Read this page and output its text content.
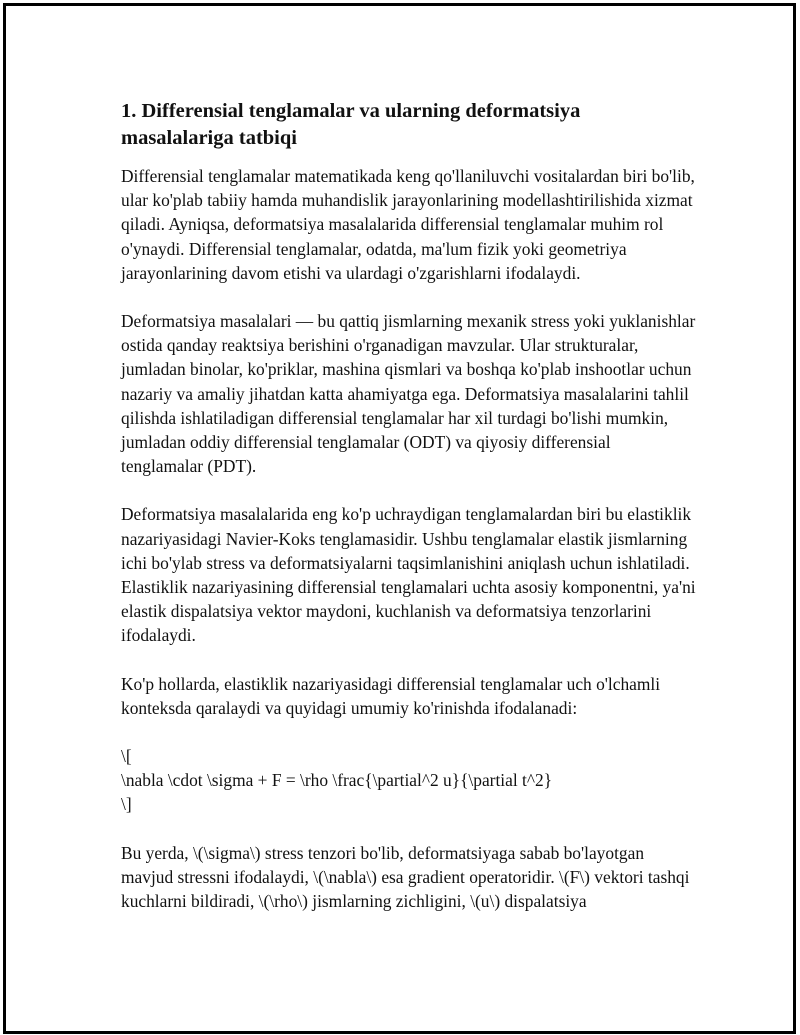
1. Differensial tenglamalar va ularning deformatsiya masalalariga tatbiqi

Differensial tenglamalar matematikada keng qo'llaniluvchi vositalardan biri bo'lib, ular ko'plab tabiiy hamda muhandislik jarayonlarining modellashtirilishida xizmat qiladi. Ayniqsa, deformatsiya masalalarida differensial tenglamalar muhim rol o'ynaydi. Differensial tenglamalar, odatda, ma'lum fizik yoki geometriya jarayonlarining davom etishi va ulardagi o'zgarishlarni ifodalaydi.

Deformatsiya masalalari — bu qattiq jismlarning mexanik stress yoki yuklanishlar ostida qanday reaktsiya berishini o'rganadigan mavzular. Ular strukturalar, jumladan binolar, ko'priklar, mashina qismlari va boshqa ko'plab inshootlar uchun nazariy va amaliy jihatdan katta ahamiyatga ega. Deformatsiya masalalarini tahlil qilishda ishlatiladigan differensial tenglamalar har xil turdagi bo'lishi mumkin, jumladan oddiy differensial tenglamalar (ODT) va qiyosiy differensial tenglamalar (PDT).

Deformatsiya masalalarida eng ko'p uchraydigan tenglamalardan biri bu elastiklik nazariyasidagi Navier-Koks tenglamasidir. Ushbu tenglamalar elastik jismlarning ichi bo'ylab stress va deformatsiyalarni taqsimlanishini aniqlash uchun ishlatiladi. Elastiklik nazariyasining differensial tenglamalari uchta asosiy komponentni, ya'ni elastik dispalatsiya vektor maydoni, kuchlanish va deformatsiya tenzorlarini ifodalaydi.

Ko'p hollarda, elastiklik nazariyasidagi differensial tenglamalar uch o'lchamli konteksda qaralaydi va quyidagi umumiy ko'rinishda ifodalanadi:

\[
\nabla \cdot \sigma + F = \rho \frac{\partial^2 u}{\partial t^2}
\]

Bu yerda, \(\sigma\) stress tenzori bo'lib, deformatsiyaga sabab bo'layotgan mavjud stressni ifodalaydi, \(\nabla\) esa gradient operatoridir. \(F\) vektori tashqi kuchlarni bildiradi, \(\rho\) jismlarning zichligini, \(u\) dispalatsiya
